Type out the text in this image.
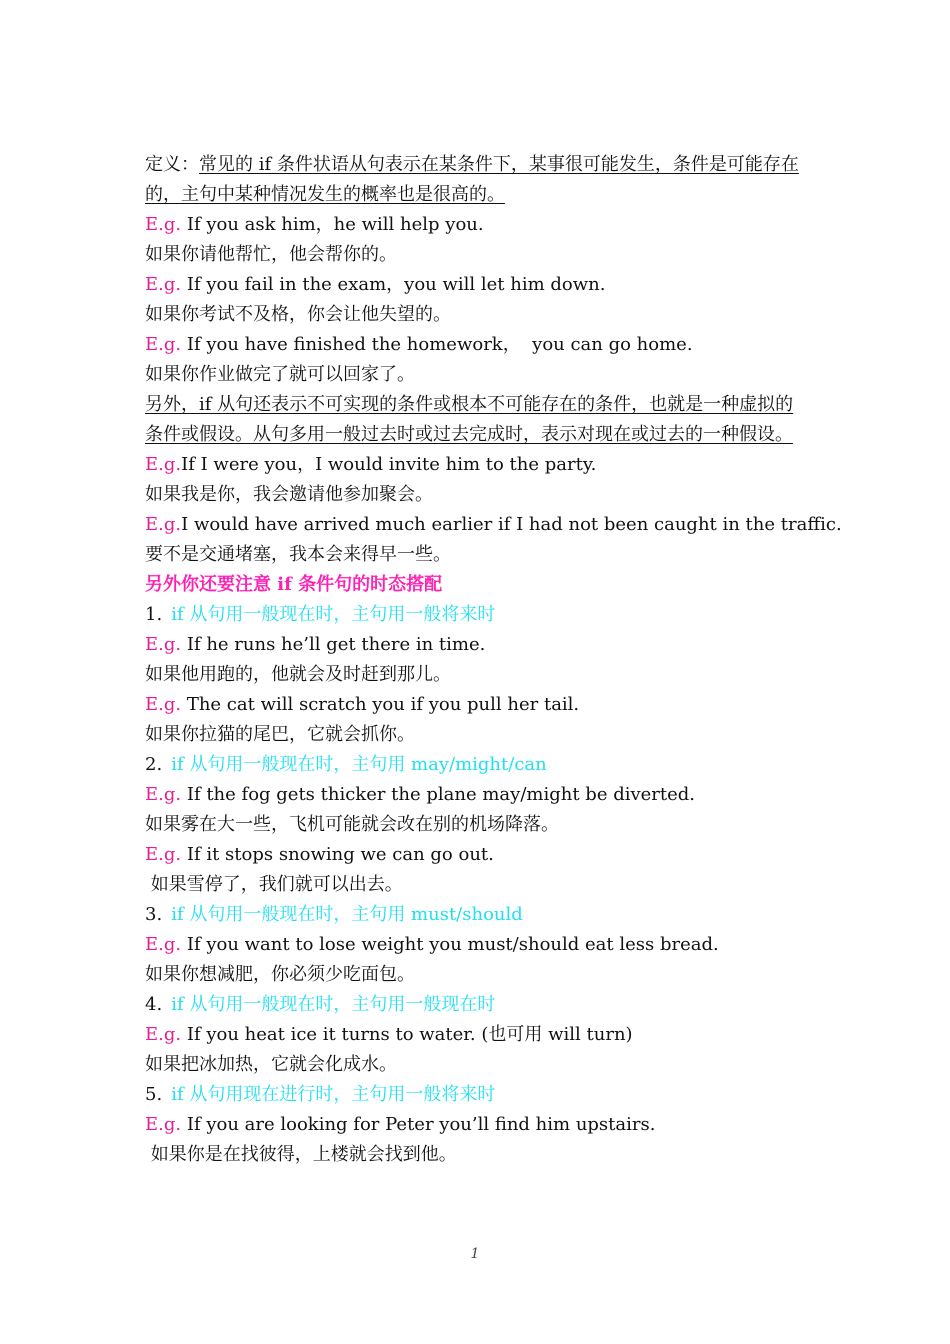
定义：常见的 if 条件状语从句表示在某条件下，某事很可能发生，条件是可能存在的，主句中某种情况发生的概率也是很高的。
E.g. If you ask him，he will help you.
如果你请他帮忙，他会帮你的。
E.g. If you fail in the exam，you will let him down.
如果你考试不及格，你会让他失望的。
E.g. If you have finished the homework，  you can go home.
如果你作业做完了就可以回家了。
另外，if 从句还表示不可实现的条件或根本不可能存在的条件，也就是一种虚拟的条件或假设。从句多用一般过去时或过去完成时，表示对现在或过去的一种假设。
E.g.If I were you，I would invite him to the party.
如果我是你，我会邀请他参加聚会。
E.g.I would have arrived much earlier if I had not been caught in the traffic.
要不是交通堵塞，我本会来得早一些。
另外你还要注意 if 条件句的时态搭配
1. if 从句用一般现在时，主句用一般将来时
E.g. If he runs he’ll get there in time.
如果他用跑的，他就会及时赶到那儿。
E.g. The cat will scratch you if you pull her tail.
如果你拉猫的尾巴，它就会抓你。
2. if 从句用一般现在时，主句用 may/might/can
E.g. If the fog gets thicker the plane may/might be diverted.
如果雾在大一些，飞机可能就会改在别的机场降落。
E.g. If it stops snowing we can go out.
如果雪停了，我们就可以出去。
3. if 从句用一般现在时，主句用 must/should
E.g. If you want to lose weight you must/should eat less bread.
如果你想减肥，你必须少吃面包。
4. if 从句用一般现在时，主句用一般现在时
E.g. If you heat ice it turns to water. (也可用 will turn)
如果把冰加热，它就会化成水。
5. if 从句用现在进行时，主句用一般将来时
E.g. If you are looking for Peter you’ll find him upstairs.
如果你是在找彼得，上楼就会找到他。
1
